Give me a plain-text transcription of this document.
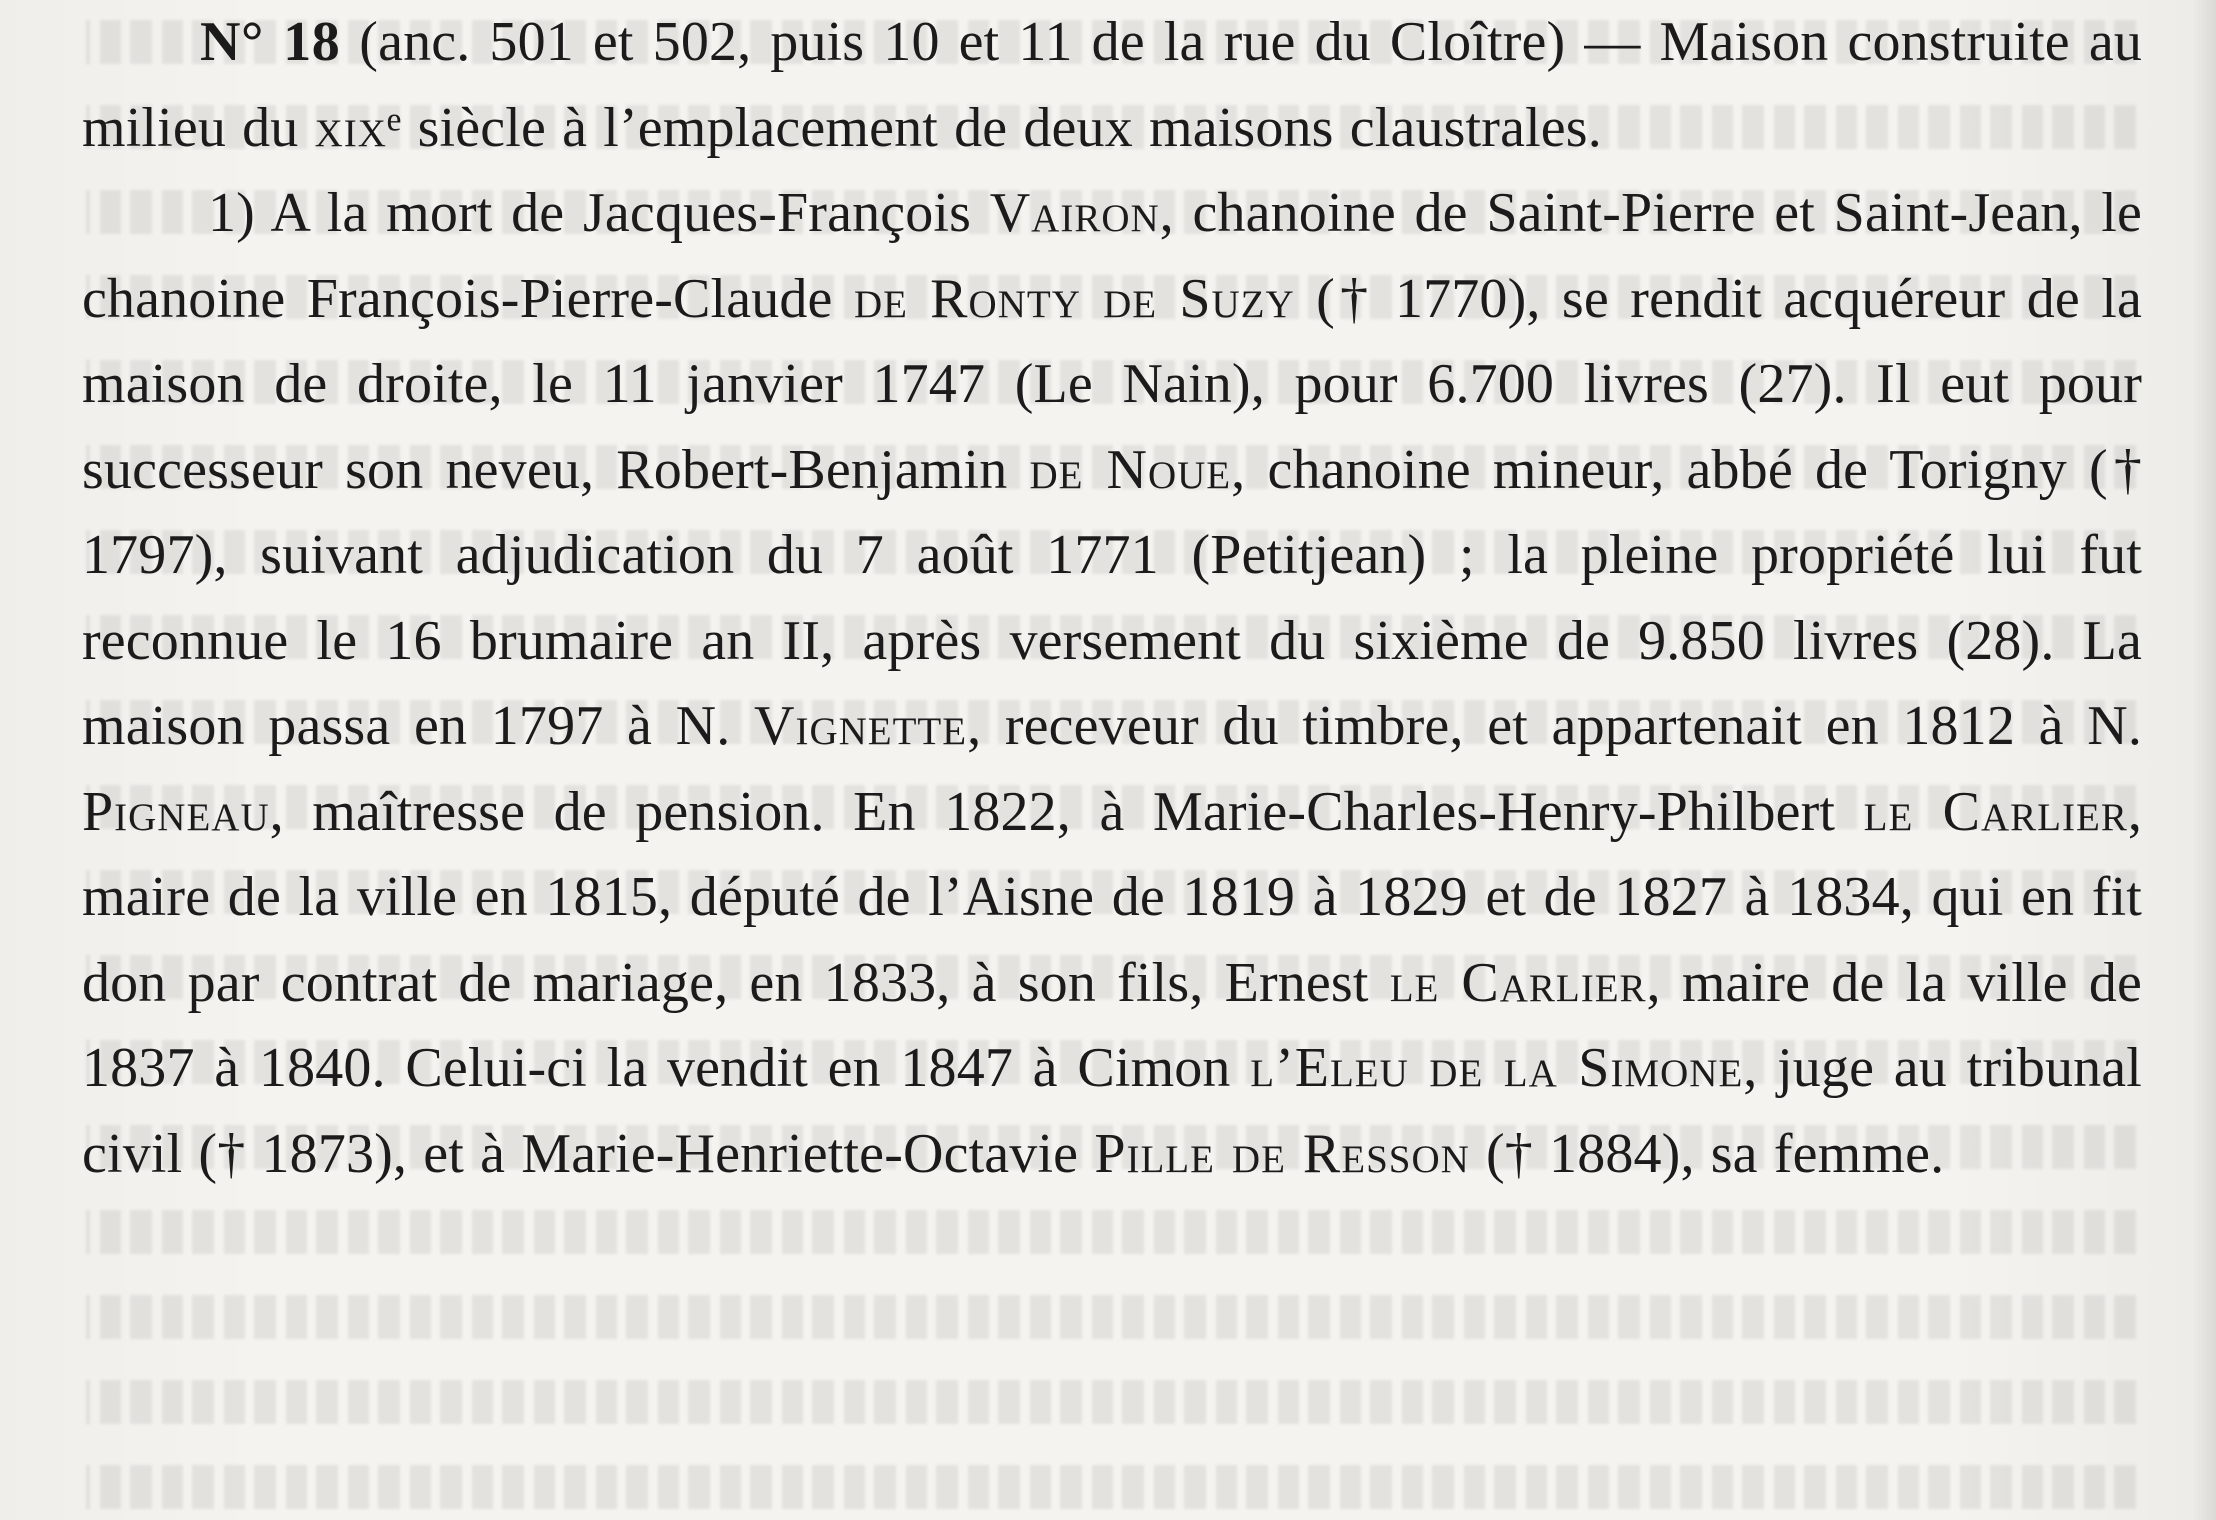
N° 18 (anc. 501 et 502, puis 10 et 11 de la rue du Cloître) — Maison construite au milieu du xixᵉ siècle à l’emplacement de deux maisons claustrales.

1) A la mort de Jacques-François Vairon, chanoine de Saint-Pierre et Saint-Jean, le chanoine François-Pierre-Claude de Ronty de Suzy († 1770), se rendit acquéreur de la maison de droite, le 11 janvier 1747 (Le Nain), pour 6.700 livres (27). Il eut pour successeur son neveu, Robert-Benjamin de Noue, chanoine mineur, abbé de Torigny († 1797), suivant adjudication du 7 août 1771 (Petitjean) ; la pleine propriété lui fut reconnue le 16 brumaire an II, après versement du sixième de 9.850 livres (28). La maison passa en 1797 à N. Vignette, receveur du timbre, et appartenait en 1812 à N. Pigneau, maîtresse de pension. En 1822, à Marie-Charles-Henry-Philbert le Carlier, maire de la ville en 1815, député de l’Aisne de 1819 à 1829 et de 1827 à 1834, qui en fit don par contrat de mariage, en 1833, à son fils, Ernest le Carlier, maire de la ville de 1837 à 1840. Celui-ci la vendit en 1847 à Cimon l’Eleu de la Simone, juge au tribunal civil († 1873), et à Marie-Henriette-Octavie Pille de Resson († 1884), sa femme.
